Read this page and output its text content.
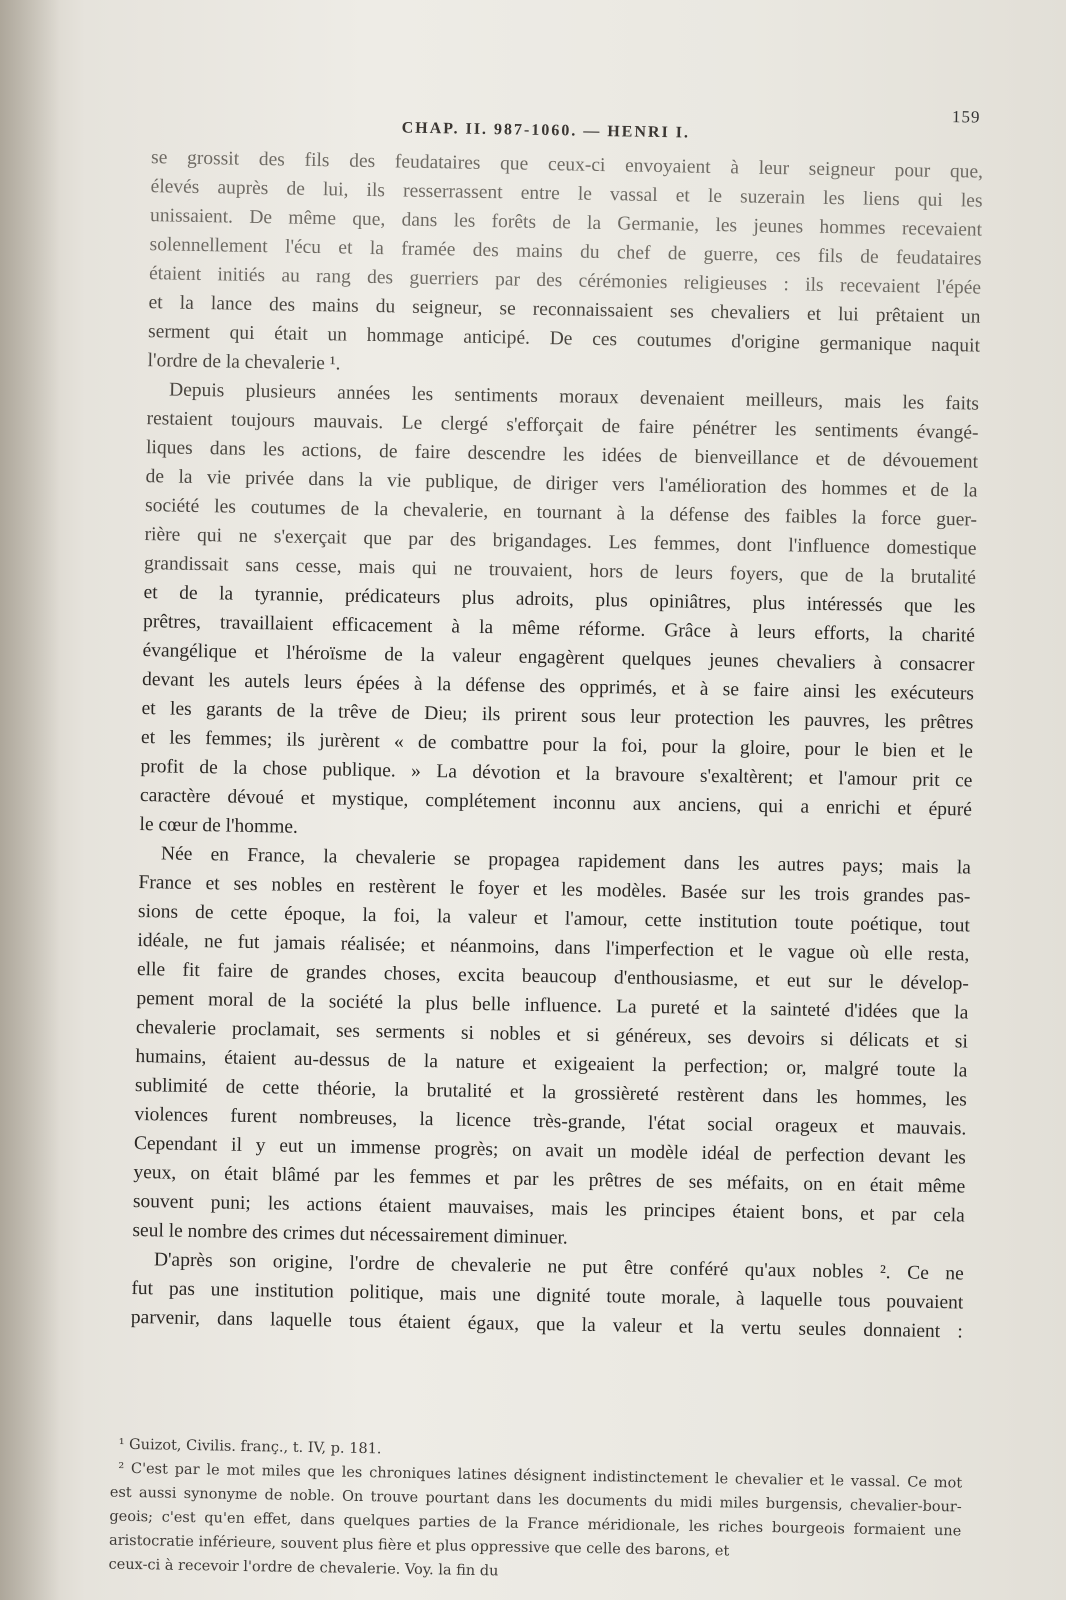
159
CHAP. II. 987-1060. — HENRI I.
se grossit des fils des feudataires que ceux-ci envoyaient à leur seigneur pour que,
élevés auprès de lui, ils resserrassent entre le vassal et le suzerain les liens qui les
unissaient. De même que, dans les forêts de la Germanie, les jeunes hommes recevaient
solennellement l'écu et la framée des mains du chef de guerre, ces fils de feudataires
étaient initiés au rang des guerriers par des cérémonies religieuses : ils recevaient l'épée
et la lance des mains du seigneur, se reconnaissaient ses chevaliers et lui prêtaient un
serment qui était un hommage anticipé. De ces coutumes d'origine germanique naquit
l'ordre de la chevalerie ¹.
Depuis plusieurs années les sentiments moraux devenaient meilleurs, mais les faits
restaient toujours mauvais. Le clergé s'efforçait de faire pénétrer les sentiments évangé-
liques dans les actions, de faire descendre les idées de bienveillance et de dévouement
de la vie privée dans la vie publique, de diriger vers l'amélioration des hommes et de la
société les coutumes de la chevalerie, en tournant à la défense des faibles la force guer-
rière qui ne s'exerçait que par des brigandages. Les femmes, dont l'influence domestique
grandissait sans cesse, mais qui ne trouvaient, hors de leurs foyers, que de la brutalité
et de la tyrannie, prédicateurs plus adroits, plus opiniâtres, plus intéressés que les
prêtres, travaillaient efficacement à la même réforme. Grâce à leurs efforts, la charité
évangélique et l'héroïsme de la valeur engagèrent quelques jeunes chevaliers à consacrer
devant les autels leurs épées à la défense des opprimés, et à se faire ainsi les exécuteurs
et les garants de la trêve de Dieu; ils prirent sous leur protection les pauvres, les prêtres
et les femmes; ils jurèrent « de combattre pour la foi, pour la gloire, pour le bien et le
profit de la chose publique. » La dévotion et la bravoure s'exaltèrent; et l'amour prit ce
caractère dévoué et mystique, complétement inconnu aux anciens, qui a enrichi et épuré
le cœur de l'homme.
Née en France, la chevalerie se propagea rapidement dans les autres pays; mais la
France et ses nobles en restèrent le foyer et les modèles. Basée sur les trois grandes pas-
sions de cette époque, la foi, la valeur et l'amour, cette institution toute poétique, tout
idéale, ne fut jamais réalisée; et néanmoins, dans l'imperfection et le vague où elle resta,
elle fit faire de grandes choses, excita beaucoup d'enthousiasme, et eut sur le dévelop-
pement moral de la société la plus belle influence. La pureté et la sainteté d'idées que la
chevalerie proclamait, ses serments si nobles et si généreux, ses devoirs si délicats et si
humains, étaient au-dessus de la nature et exigeaient la perfection; or, malgré toute la
sublimité de cette théorie, la brutalité et la grossièreté restèrent dans les hommes, les
violences furent nombreuses, la licence très-grande, l'état social orageux et mauvais.
Cependant il y eut un immense progrès; on avait un modèle idéal de perfection devant les
yeux, on était blâmé par les femmes et par les prêtres de ses méfaits, on en était même
souvent puni; les actions étaient mauvaises, mais les principes étaient bons, et par cela
seul le nombre des crimes dut nécessairement diminuer.
D'après son origine, l'ordre de chevalerie ne put être conféré qu'aux nobles ². Ce ne
fut pas une institution politique, mais une dignité toute morale, à laquelle tous pouvaient
parvenir, dans laquelle tous étaient égaux, que la valeur et la vertu seules donnaient :
¹ Guizot, Civilis. franç., t. IV, p. 181.
² C'est par le mot miles que les chroniques latines désignent indistinctement le chevalier et le vassal. Ce mot
est aussi synonyme de noble. On trouve pourtant dans les documents du midi miles burgensis, chevalier-bour-
geois; c'est qu'en effet, dans quelques parties de la France méridionale, les riches bourgeois formaient une
aristocratie inférieure, souvent plus fière et plus oppressive que celle des barons, et
ceux-ci à recevoir l'ordre de chevalerie. Voy. la fin du
